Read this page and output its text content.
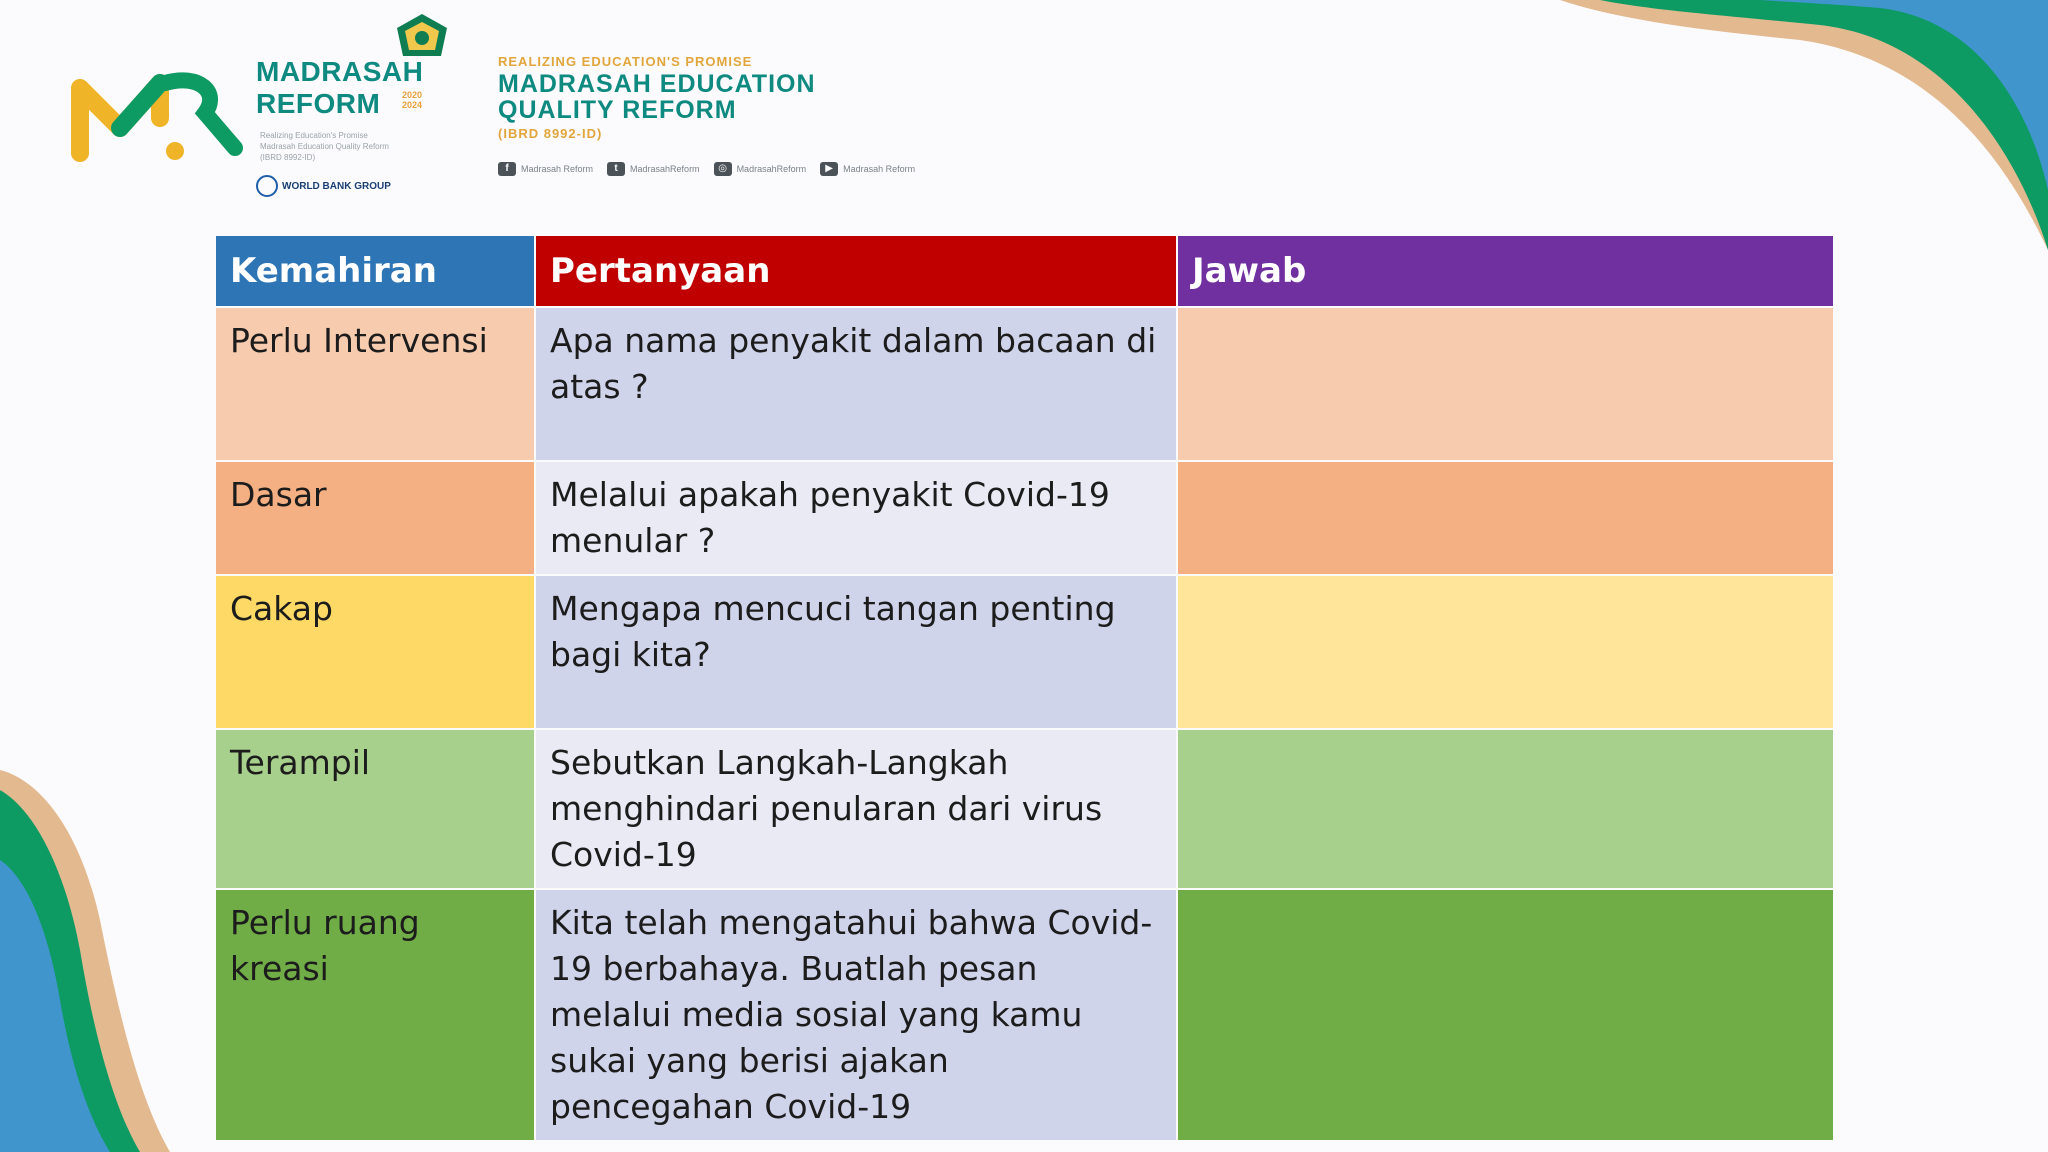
MADRASAH
REFORM	2020 2024
Realizing Education's Promise
Madrasah Education Quality Reform
(IBRD 8992-ID)
WORLD BANK GROUP
REALIZING EDUCATION'S PROMISE
MADRASAH EDUCATION
QUALITY REFORM
(IBRD 8992-ID)
f	Madrasah Reform	t	MadrasahReform	◎	MadrasahReform	▶	Madrasah Reform
Kemahiran	Pertanyaan	Jawab
Perlu Intervensi	Apa nama penyakit dalam bacaan di atas ?	
Dasar	Melalui apakah penyakit Covid-19 menular ?	
Cakap	Mengapa mencuci tangan penting bagi kita?	
Terampil	Sebutkan Langkah-Langkah menghindari penularan dari virus Covid-19	
Perlu ruang kreasi	Kita telah mengatahui bahwa Covid-19 berbahaya. Buatlah pesan melalui media sosial yang kamu sukai yang berisi ajakan pencegahan Covid-19	
